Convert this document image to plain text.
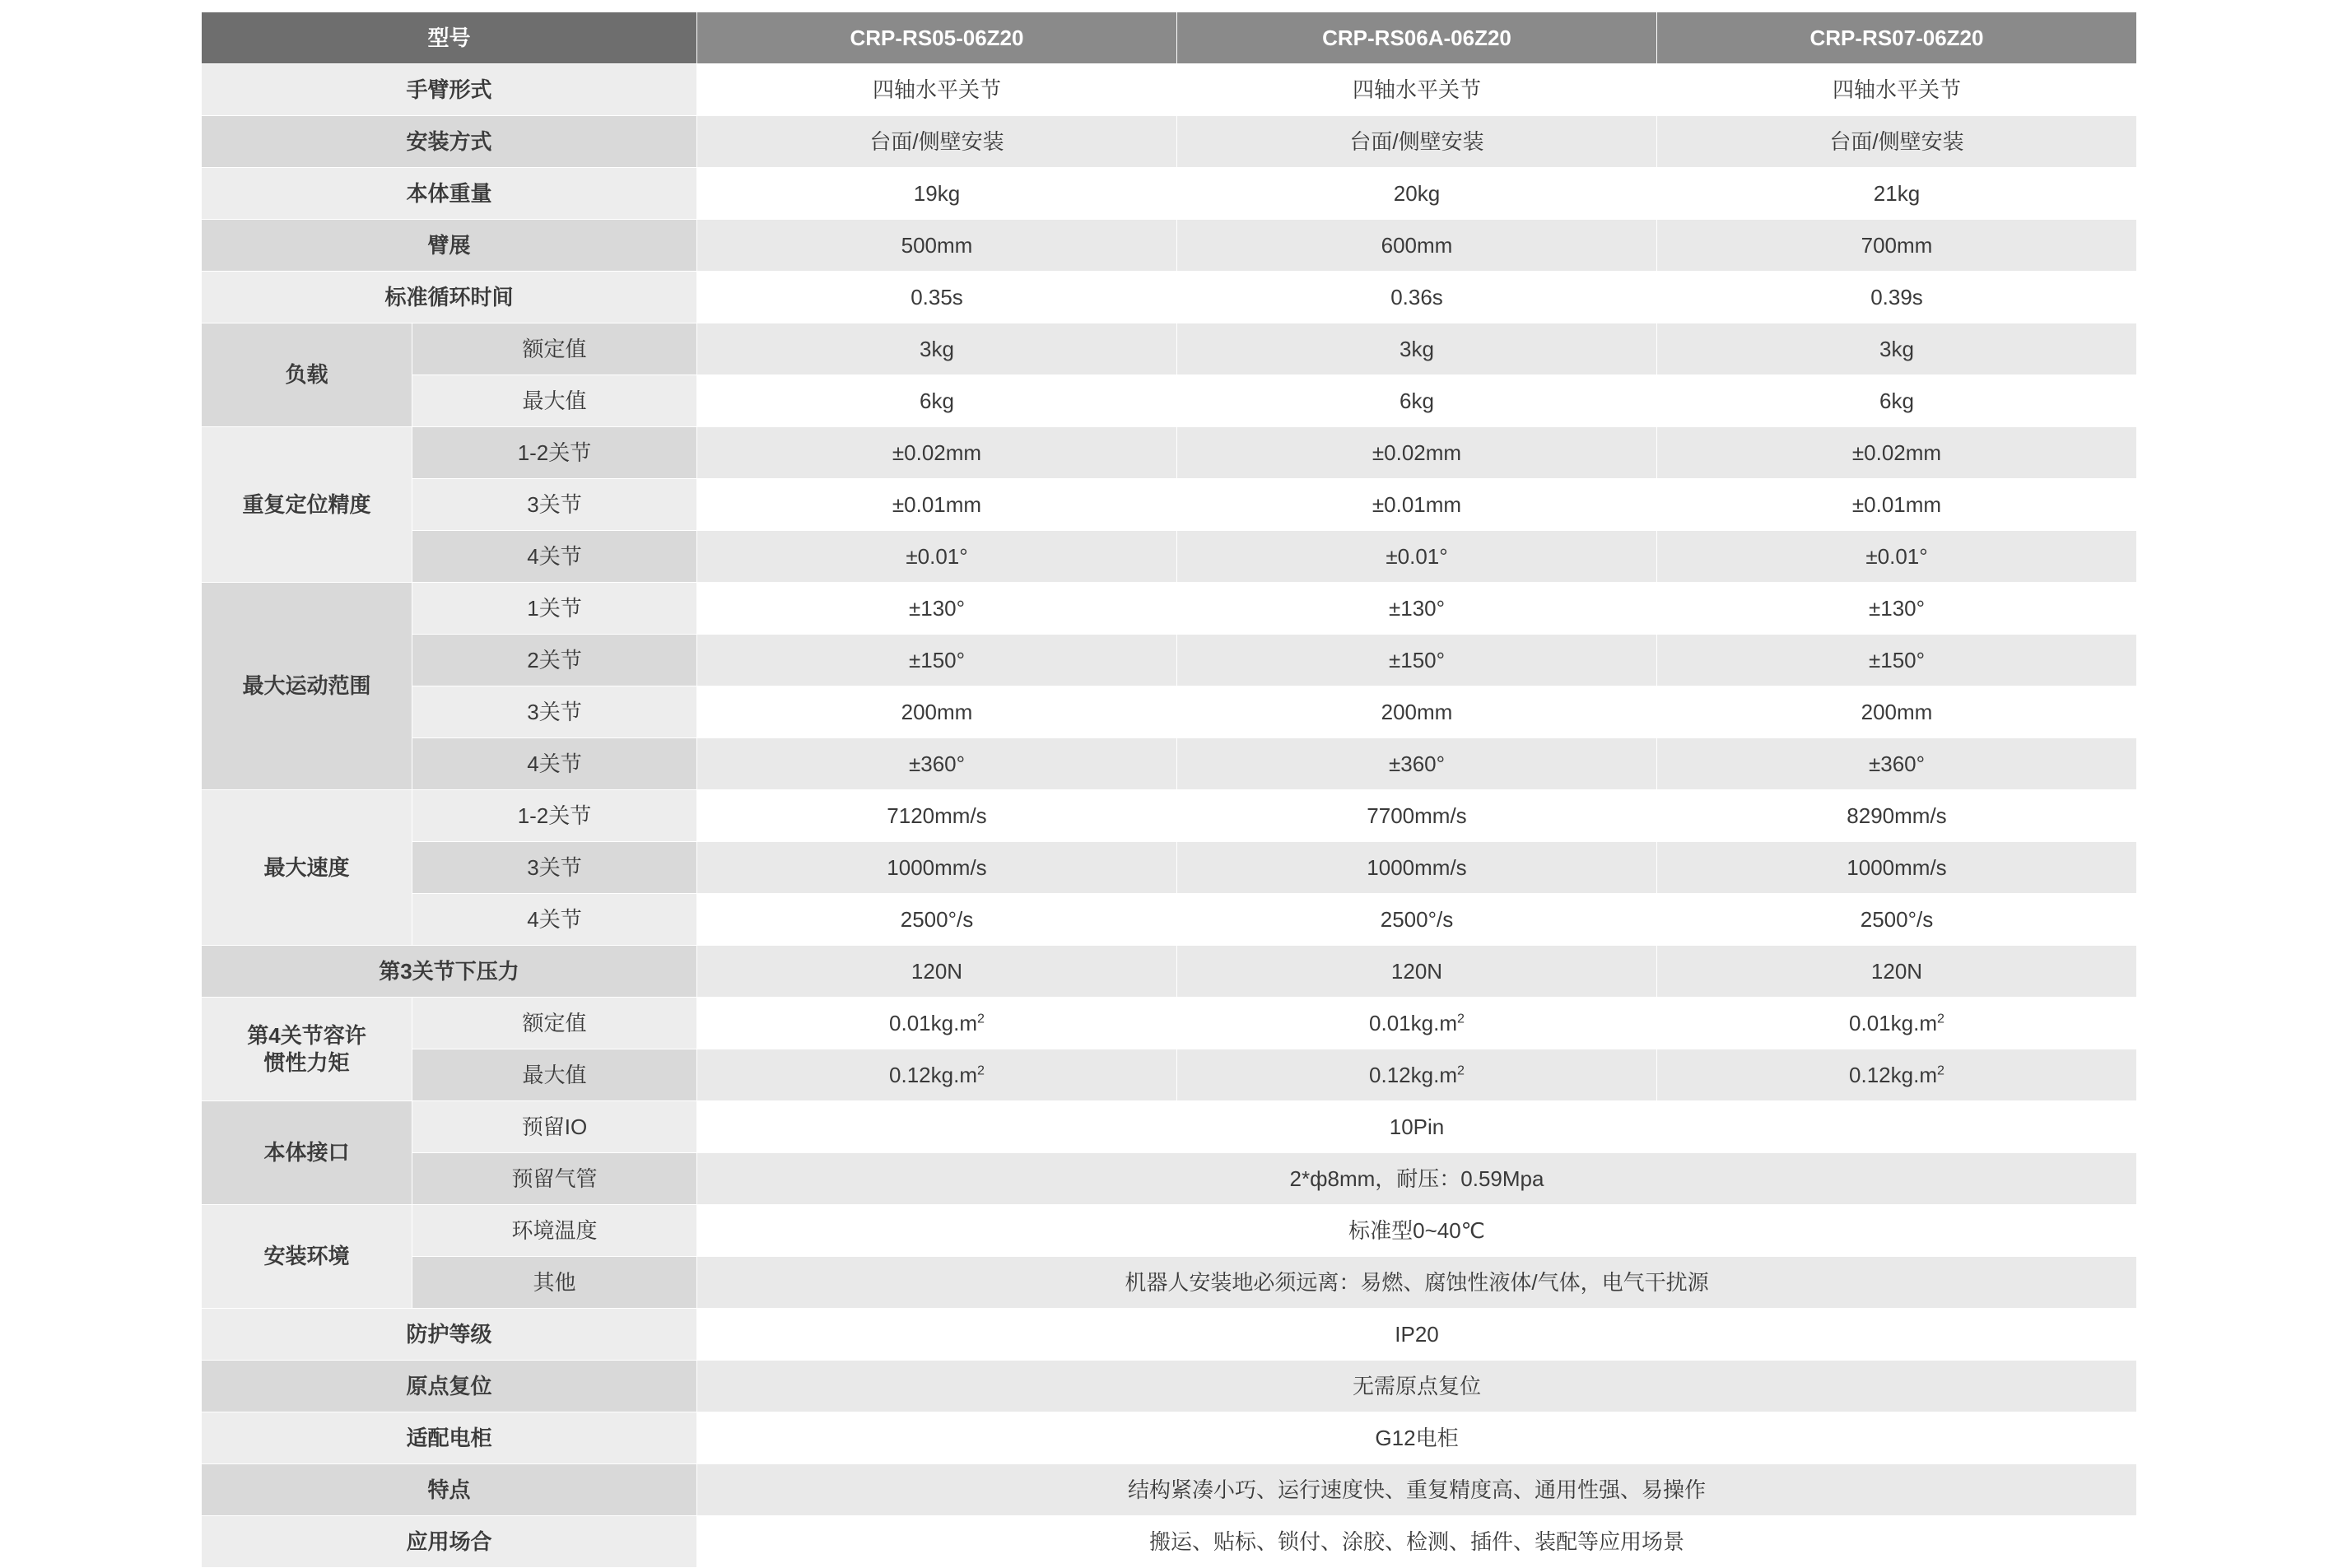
型号		CRP-RS05-06Z20	CRP-RS06A-06Z20	CRP-RS07-06Z20
手臂形式		四轴水平关节	四轴水平关节	四轴水平关节
安装方式		台面/侧壁安装	台面/侧壁安装	台面/侧壁安装
本体重量		19kg	20kg	21kg
臂展		500mm	600mm	700mm
标准循环时间		0.35s	0.36s	0.39s
负载	额定值	3kg	3kg	3kg
	最大值	6kg	6kg	6kg
重复定位精度	1-2关节	±0.02mm	±0.02mm	±0.02mm
	3关节	±0.01mm	±0.01mm	±0.01mm
	4关节	±0.01°	±0.01°	±0.01°
最大运动范围	1关节	±130°	±130°	±130°
	2关节	±150°	±150°	±150°
	3关节	200mm	200mm	200mm
	4关节	±360°	±360°	±360°
最大速度	1-2关节	7120mm/s	7700mm/s	8290mm/s
	3关节	1000mm/s	1000mm/s	1000mm/s
	4关节	2500°/s	2500°/s	2500°/s
第3关节下压力		120N	120N	120N

第4关节容许
惯性力矩	额定值	$0.01kg.m^2$	$0.01kg.m^2$	$0.01kg.m^2$
	最大值	$0.12kg.m^2$	$0.12kg.m^2$	$0.12kg.m^2$
本体接口	预留IO	10Pin		
	预留气管	2*ф8mm，耐压：0.59Mpa		
安装环境	环境温度	标准型0~40℃		
	其他	机器人安装地必须远离：易燃、腐蚀性液体/气体，电气干扰源		
防护等级		IP20		
原点复位		无需原点复位		
适配电柜		G12电柜		
特点		结构紧凑小巧、运行速度快、重复精度高、通用性强、易操作		
应用场合		搬运、贴标、锁付、涂胶、检测、插件、装配等应用场景		
